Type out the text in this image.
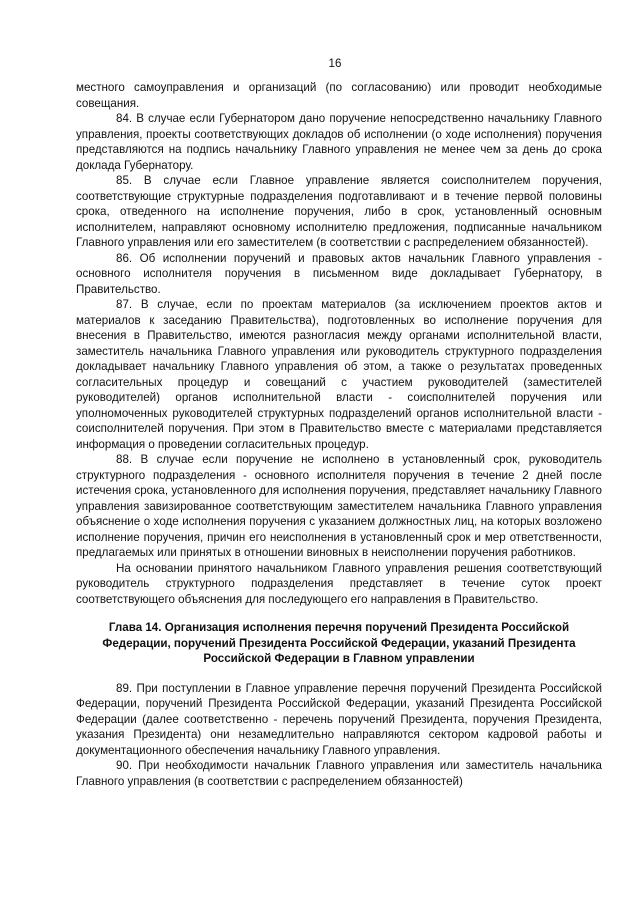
16

местного самоуправления и организаций (по согласованию) или проводит необходимые совещания.

84. В случае если Губернатором дано поручение непосредственно начальнику Главного управления, проекты соответствующих докладов об исполнении (о ходе исполнения) поручения представляются на подпись начальнику Главного управления не менее чем за день до срока доклада Губернатору.

85. В случае если Главное управление является соисполнителем поручения, соответствующие структурные подразделения подготавливают и в течение первой половины срока, отведенного на исполнение поручения, либо в срок, установленный основным исполнителем, направляют основному исполнителю предложения, подписанные начальником Главного управления или его заместителем (в соответствии с распределением обязанностей).

86. Об исполнении поручений и правовых актов начальник Главного управления - основного исполнителя поручения в письменном виде докладывает Губернатору, в Правительство.

87. В случае, если по проектам материалов (за исключением проектов актов и материалов к заседанию Правительства), подготовленных во исполнение поручения для внесения в Правительство, имеются разногласия между органами исполнительной власти, заместитель начальника Главного управления или руководитель структурного подразделения докладывает начальнику Главного управления об этом, а также о результатах проведенных согласительных процедур и совещаний с участием руководителей (заместителей руководителей) органов исполнительной власти - соисполнителей поручения или уполномоченных руководителей структурных подразделений органов исполнительной власти - соисполнителей поручения. При этом в Правительство вместе с материалами представляется информация о проведении согласительных процедур.

88. В случае если поручение не исполнено в установленный срок, руководитель структурного подразделения - основного исполнителя поручения в течение 2 дней после истечения срока, установленного для исполнения поручения, представляет начальнику Главного управления завизированное соответствующим заместителем начальника Главного управления объяснение о ходе исполнения поручения с указанием должностных лиц, на которых возложено исполнение поручения, причин его неисполнения в установленный срок и мер ответственности, предлагаемых или принятых в отношении виновных в неисполнении поручения работников.

На основании принятого начальником Главного управления решения соответствующий руководитель структурного подразделения представляет в течение суток проект соответствующего объяснения для последующего его направления в Правительство.

Глава 14. Организация исполнения перечня поручений Президента Российской Федерации, поручений Президента Российской Федерации, указаний Президента Российской Федерации в Главном управлении

89. При поступлении в Главное управление перечня поручений Президента Российской Федерации, поручений Президента Российской Федерации, указаний Президента Российской Федерации (далее соответственно - перечень поручений Президента, поручения Президента, указания Президента) они незамедлительно направляются сектором кадровой работы и документационного обеспечения начальнику Главного управления.

90. При необходимости начальник Главного управления или заместитель начальника Главного управления (в соответствии с распределением обязанностей)
